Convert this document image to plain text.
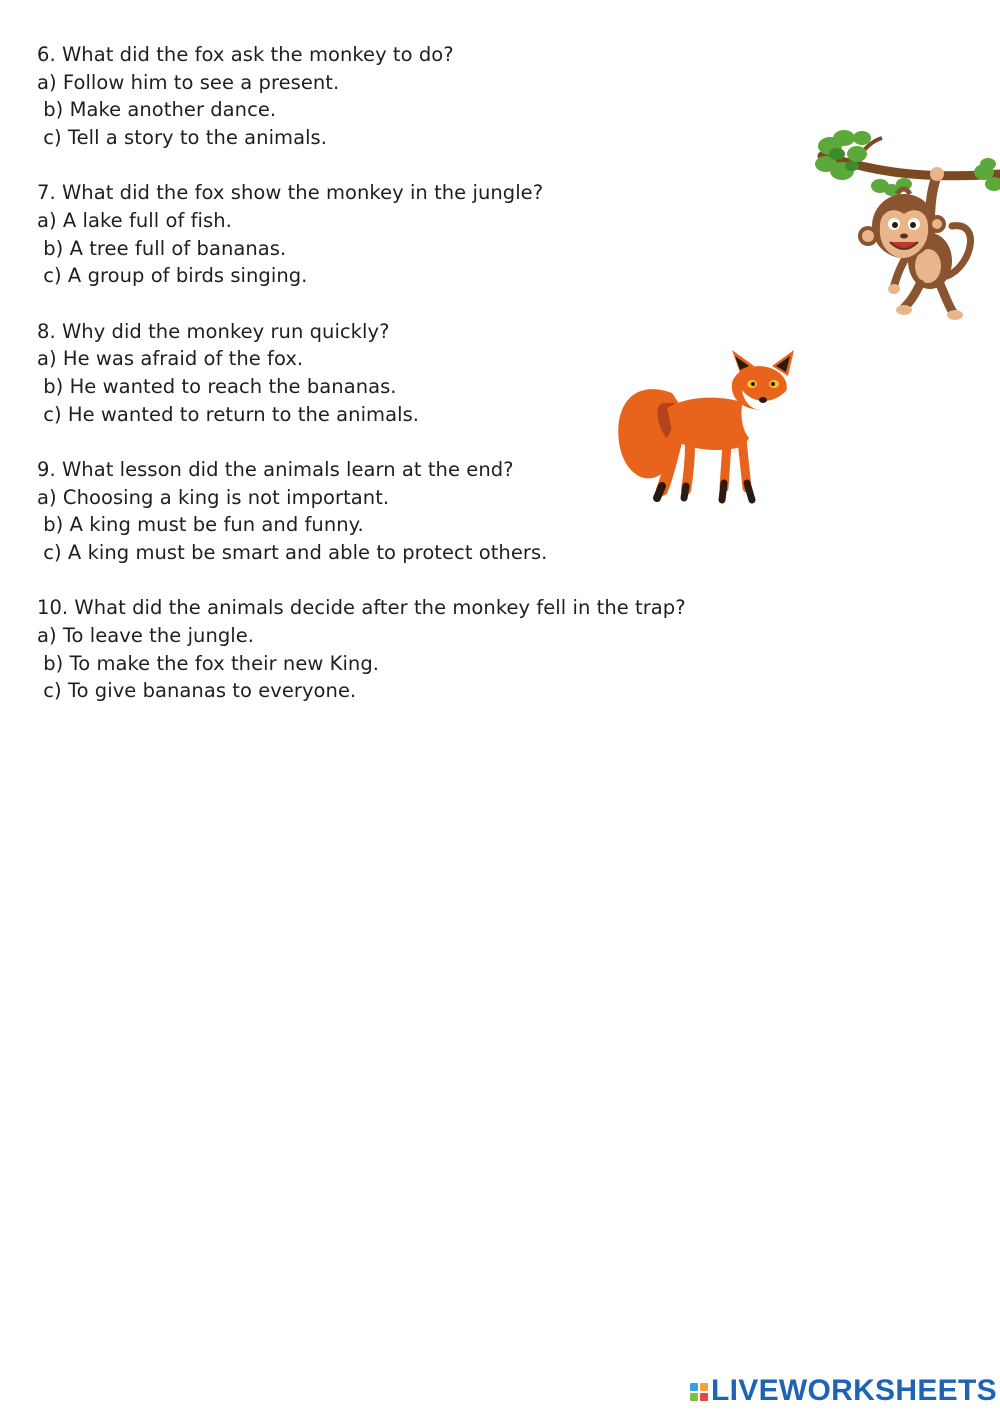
6. What did the fox ask the monkey to do?
a) Follow him to see a present.
b) Make another dance.
c) Tell a story to the animals.
7. What did the fox show the monkey in the jungle?
a) A lake full of fish.
b) A tree full of bananas.
c) A group of birds singing.
8. Why did the monkey run quickly?
a) He was afraid of the fox.
b) He wanted to reach the bananas.
c) He wanted to return to the animals.
9. What lesson did the animals learn at the end?
a) Choosing a king is not important.
b) A king must be fun and funny.
c) A king must be smart and able to protect others.
10. What did the animals decide after the monkey fell in the trap?
a) To leave the jungle.
b) To make the fox their new King.
c) To give bananas to everyone.
LIVEWORKSHEETS
